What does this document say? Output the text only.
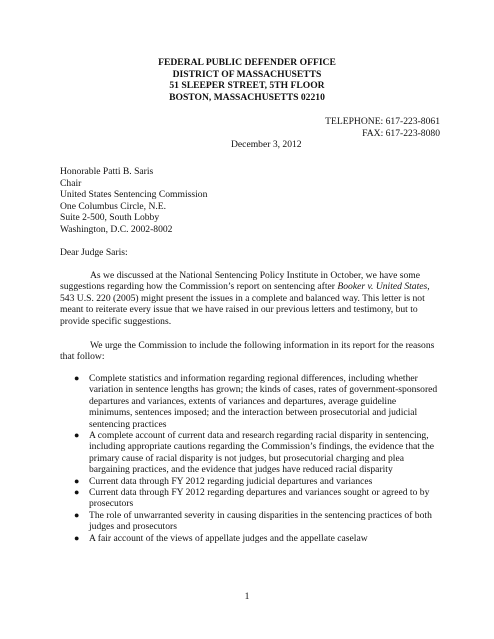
FEDERAL PUBLIC DEFENDER OFFICE
DISTRICT OF MASSACHUSETTS
51 SLEEPER STREET, 5TH FLOOR
BOSTON, MASSACHUSETTS 02210
TELEPHONE: 617-223-8061
FAX: 617-223-8080
December 3, 2012
Honorable Patti B. Saris
Chair
United States Sentencing Commission
One Columbus Circle, N.E.
Suite 2-500, South Lobby
Washington, D.C. 2002-8002
Dear Judge Saris:
As we discussed at the National Sentencing Policy Institute in October, we have some suggestions regarding how the Commission’s report on sentencing after Booker v. United States, 543 U.S. 220 (2005) might present the issues in a complete and balanced way. This letter is not meant to reiterate every issue that we have raised in our previous letters and testimony, but to provide specific suggestions.
We urge the Commission to include the following information in its report for the reasons that follow:
● Complete statistics and information regarding regional differences, including whether variation in sentence lengths has grown; the kinds of cases, rates of government-sponsored departures and variances, extents of variances and departures, average guideline minimums, sentences imposed; and the interaction between prosecutorial and judicial sentencing practices
● A complete account of current data and research regarding racial disparity in sentencing, including appropriate cautions regarding the Commission’s findings, the evidence that the primary cause of racial disparity is not judges, but prosecutorial charging and plea bargaining practices, and the evidence that judges have reduced racial disparity
● Current data through FY 2012 regarding judicial departures and variances
● Current data through FY 2012 regarding departures and variances sought or agreed to by prosecutors
● The role of unwarranted severity in causing disparities in the sentencing practices of both judges and prosecutors
● A fair account of the views of appellate judges and the appellate caselaw
1
